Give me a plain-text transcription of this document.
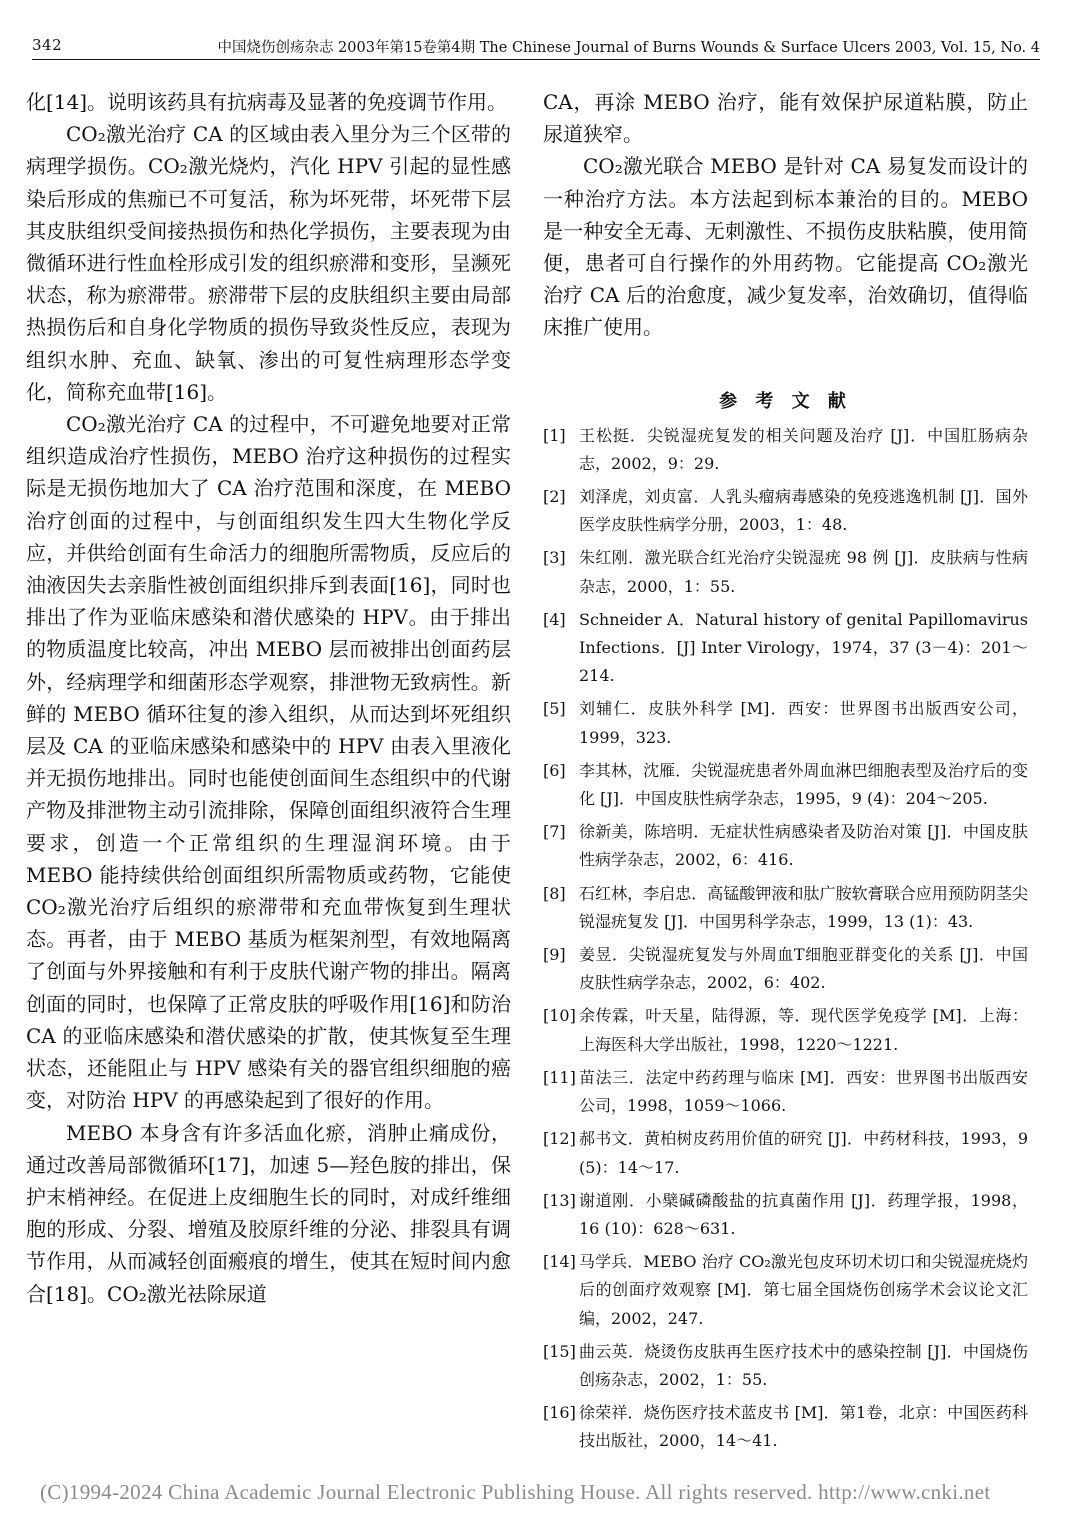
342	中国烧伤创疡杂志 2003年第15卷第4期 The Chinese Journal of Burns Wounds & Surface Ulcers 2003, Vol. 15, No. 4

化[14]。说明该药具有抗病毒及显著的免疫调节作用。

CO₂激光治疗 CA 的区域由表入里分为三个区带的病理学损伤。CO₂激光烧灼，汽化 HPV 引起的显性感染后形成的焦痂已不可复活，称为坏死带，坏死带下层其皮肤组织受间接热损伤和热化学损伤，主要表现为由微循环进行性血栓形成引发的组织瘀滞和变形，呈濒死状态，称为瘀滞带。瘀滞带下层的皮肤组织主要由局部热损伤后和自身化学物质的损伤导致炎性反应，表现为组织水肿、充血、缺氧、渗出的可复性病理形态学变化，简称充血带[16]。

CO₂激光治疗 CA 的过程中，不可避免地要对正常组织造成治疗性损伤，MEBO 治疗这种损伤的过程实际是无损伤地加大了 CA 治疗范围和深度，在 MEBO 治疗创面的过程中，与创面组织发生四大生物化学反应，并供给创面有生命活力的细胞所需物质，反应后的油液因失去亲脂性被创面组织排斥到表面[16]，同时也排出了作为亚临床感染和潜伏感染的 HPV。由于排出的物质温度比较高，冲出 MEBO 层而被排出创面药层外，经病理学和细菌形态学观察，排泄物无致病性。新鲜的 MEBO 循环往复的渗入组织，从而达到坏死组织层及 CA 的亚临床感染和感染中的 HPV 由表入里液化并无损伤地排出。同时也能使创面间生态组织中的代谢产物及排泄物主动引流排除，保障创面组织液符合生理要求，创造一个正常组织的生理湿润环境。由于 MEBO 能持续供给创面组织所需物质或药物，它能使 CO₂激光治疗后组织的瘀滞带和充血带恢复到生理状态。再者，由于 MEBO 基质为框架剂型，有效地隔离了创面与外界接触和有利于皮肤代谢产物的排出。隔离创面的同时，也保障了正常皮肤的呼吸作用[16]和防治 CA 的亚临床感染和潜伏感染的扩散，使其恢复至生理状态，还能阻止与 HPV 感染有关的器官组织细胞的癌变，对防治 HPV 的再感染起到了很好的作用。

MEBO 本身含有许多活血化瘀，消肿止痛成份，通过改善局部微循环[17]，加速 5—羟色胺的排出，保护末梢神经。在促进上皮细胞生长的同时，对成纤维细胞的形成、分裂、增殖及胶原纤维的分泌、排裂具有调节作用，从而减轻创面瘢痕的增生，使其在短时间内愈合[18]。CO₂激光祛除尿道

CA，再涂 MEBO 治疗，能有效保护尿道粘膜，防止尿道狭窄。

CO₂激光联合 MEBO 是针对 CA 易复发而设计的一种治疗方法。本方法起到标本兼治的目的。MEBO 是一种安全无毒、无刺激性、不损伤皮肤粘膜，使用简便，患者可自行操作的外用药物。它能提高 CO₂激光治疗 CA 后的治愈度，减少复发率，治效确切，值得临床推广使用。

参 考 文 献

[1] 王松挺．尖锐湿疣复发的相关问题及治疗 [J]．中国肛肠病杂志，2002，9：29.
[2] 刘泽虎，刘贞富．人乳头瘤病毒感染的免疫逃逸机制 [J]．国外医学皮肤性病学分册，2003，1：48.
[3] 朱红刚．激光联合红光治疗尖锐湿疣 98 例 [J]．皮肤病与性病杂志，2000，1：55.
[4] Schneider A．Natural history of genital Papillomavirus Infections．[J] Inter Virology，1974，37 (3－4)：201～214.
[5] 刘辅仁．皮肤外科学 [M]．西安：世界图书出版西安公司，1999，323.
[6] 李其林，沈雁．尖锐湿疣患者外周血淋巴细胞表型及治疗后的变化 [J]．中国皮肤性病学杂志，1995，9 (4)：204～205.
[7] 徐新美，陈培明．无症状性病感染者及防治对策 [J]．中国皮肤性病学杂志，2002，6：416.
[8] 石红林，李启忠．高锰酸钾液和肽广胺软膏联合应用预防阴茎尖锐湿疣复发 [J]．中国男科学杂志，1999，13 (1)：43.
[9] 姜昱．尖锐湿疣复发与外周血T细胞亚群变化的关系 [J]．中国皮肤性病学杂志，2002，6：402.
[10] 余传霖，叶天星，陆得源，等．现代医学免疫学 [M]．上海：上海医科大学出版社，1998，1220～1221.
[11] 苗法三．法定中药药理与临床 [M]．西安：世界图书出版西安公司，1998，1059～1066.
[12] 郝书文．黄柏树皮药用价值的研究 [J]．中药材科技，1993，9 (5)：14～17.
[13] 谢道刚．小檗碱磷酸盐的抗真菌作用 [J]．药理学报，1998，16 (10)：628～631.
[14] 马学兵．MEBO 治疗 CO₂激光包皮环切术切口和尖锐湿疣烧灼后的创面疗效观察 [M]．第七届全国烧伤创疡学术会议论文汇编，2002，247.
[15] 曲云英．烧烫伤皮肤再生医疗技术中的感染控制 [J]．中国烧伤创疡杂志，2002，1：55.
[16] 徐荣祥．烧伤医疗技术蓝皮书 [M]．第1卷，北京：中国医药科技出版社，2000，14～41.
(C)1994-2024 China Academic Journal Electronic Publishing House. All rights reserved. http://www.cnki.net
